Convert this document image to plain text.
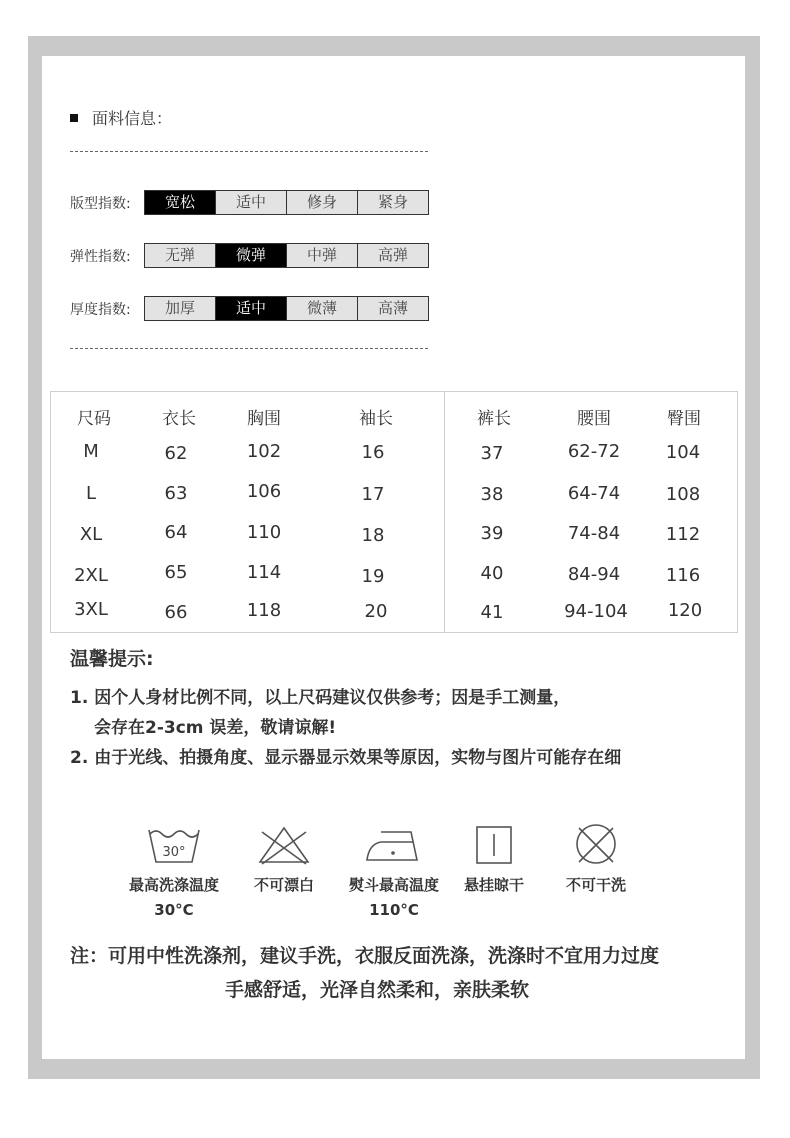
面料信息：
版型指数:	宽松	适中	修身	紧身
弹性指数:	无弹	微弹	中弹	高弹
厚度指数:	加厚	适中	微薄	高薄
尺码	衣长	胸围	袖长	裤长	腰围	臀围
M	62	102	16	37	62-72	104
L	63	106	17	38	64-74	108
XL	64	110	18	39	74-84	112
2XL	65	114	19	40	84-94	116
3XL	66	118	20	41	94-104	120
温馨提示:
1. 因个人身材比例不同，以上尺码建议仅供参考；因是手工测量，
会存在2-3cm 误差，敬请谅解!
2. 由于光线、拍摄角度、显示器显示效果等原因，实物与图片可能存在细
30°
最高洗涤温度
30°C
不可漂白	熨斗最高温度
110°C
悬挂晾干	不可干洗
注：可用中性洗涤剂，建议手洗，衣服反面洗涤，洗涤时不宜用力过度
手感舒适，光泽自然柔和，亲肤柔软
